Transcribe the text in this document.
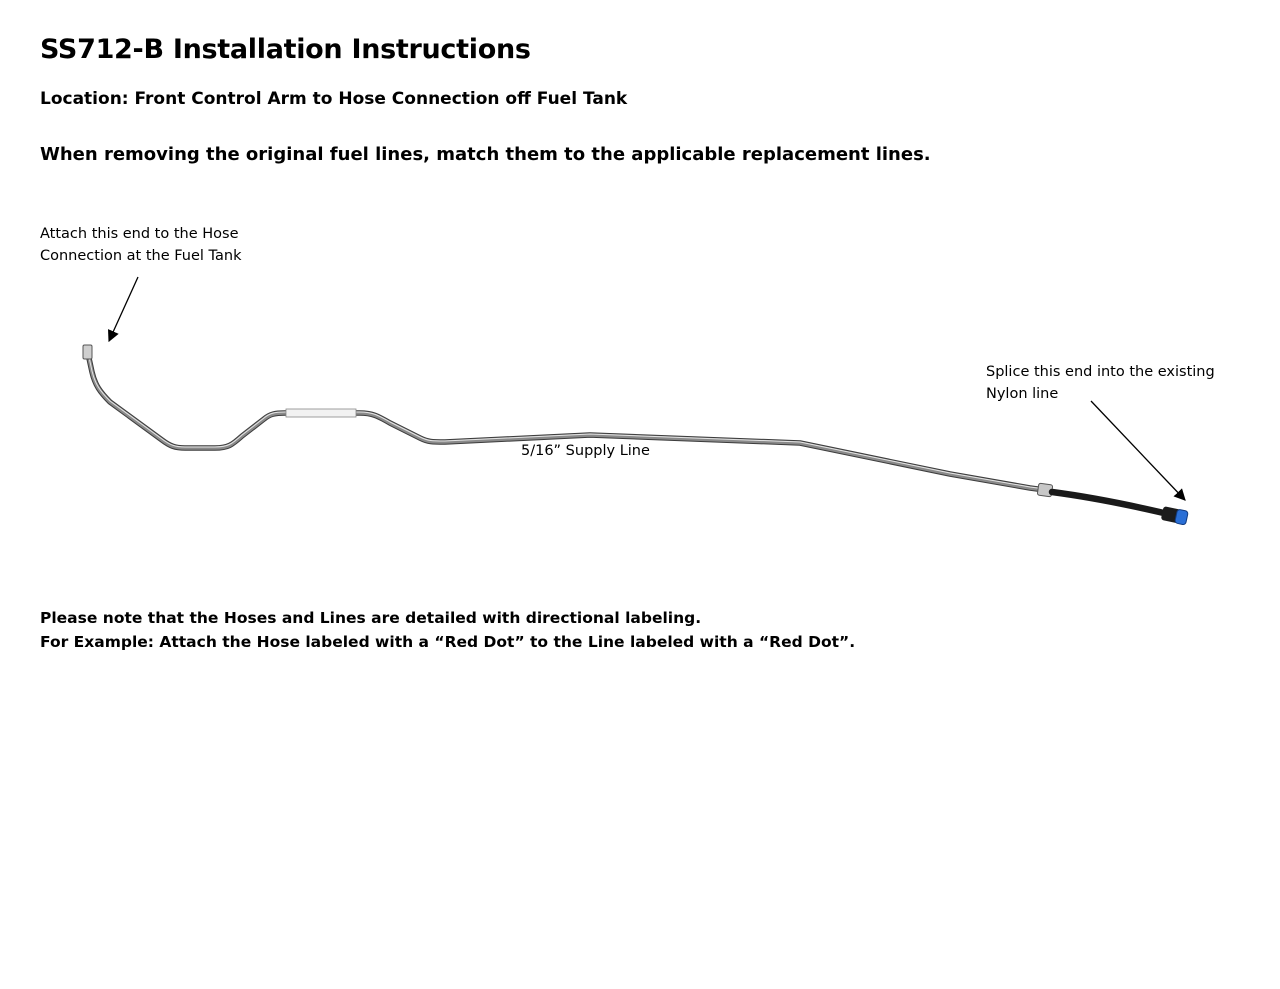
SS712-B Installation Instructions
Location: Front Control Arm to Hose Connection off Fuel Tank
When removing the original fuel lines, match them to the applicable replacement lines.
Attach this end to the Hose
Connection at the Fuel Tank
Splice this end into the existing
Nylon line
5/16” Supply Line
Please note that the Hoses and Lines are detailed with directional labeling.
For Example: Attach the Hose labeled with a “Red Dot” to the Line labeled with a “Red Dot”.
